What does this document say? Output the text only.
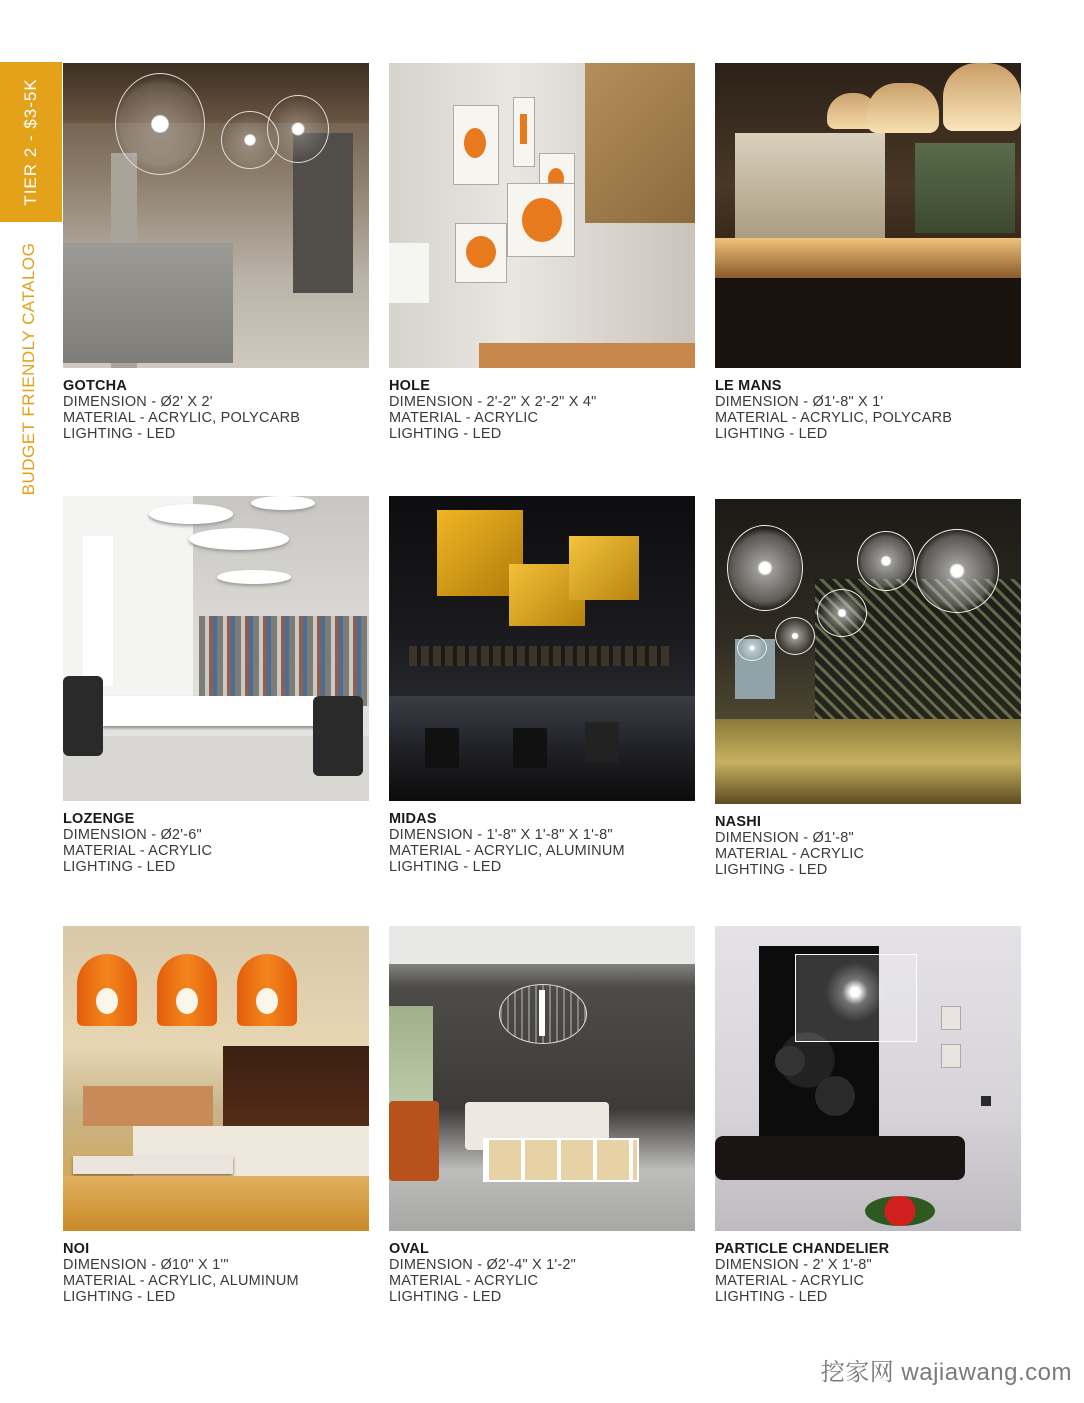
TIER 2 - $3-5K
BUDGET FRIENDLY CATALOG GOTCHA
DIMENSION - Ø2' X 2'
MATERIAL - ACRYLIC, POLYCARB
LIGHTING - LED
HOLE
DIMENSION - 2'-2" X 2'-2" X 4"
MATERIAL - ACRYLIC
LIGHTING - LED
LE MANS
DIMENSION - Ø1'-8" X 1'
MATERIAL - ACRYLIC, POLYCARB
LIGHTING - LED
LOZENGE
DIMENSION - Ø2'-6"
MATERIAL - ACRYLIC
LIGHTING - LED
MIDAS
DIMENSION - 1'-8" X 1'-8" X 1'-8"
MATERIAL - ACRYLIC, ALUMINUM
LIGHTING - LED
NASHI
DIMENSION - Ø1'-8"
MATERIAL - ACRYLIC
LIGHTING - LED
NOI
DIMENSION - Ø10" X 1'"
MATERIAL - ACRYLIC, ALUMINUM
LIGHTING - LED
OVAL
DIMENSION - Ø2'-4" X 1'-2"
MATERIAL - ACRYLIC
LIGHTING - LED
PARTICLE CHANDELIER
DIMENSION - 2' X 1'-8"
MATERIAL - ACRYLIC
LIGHTING - LED
挖家网 wajiawang.com
